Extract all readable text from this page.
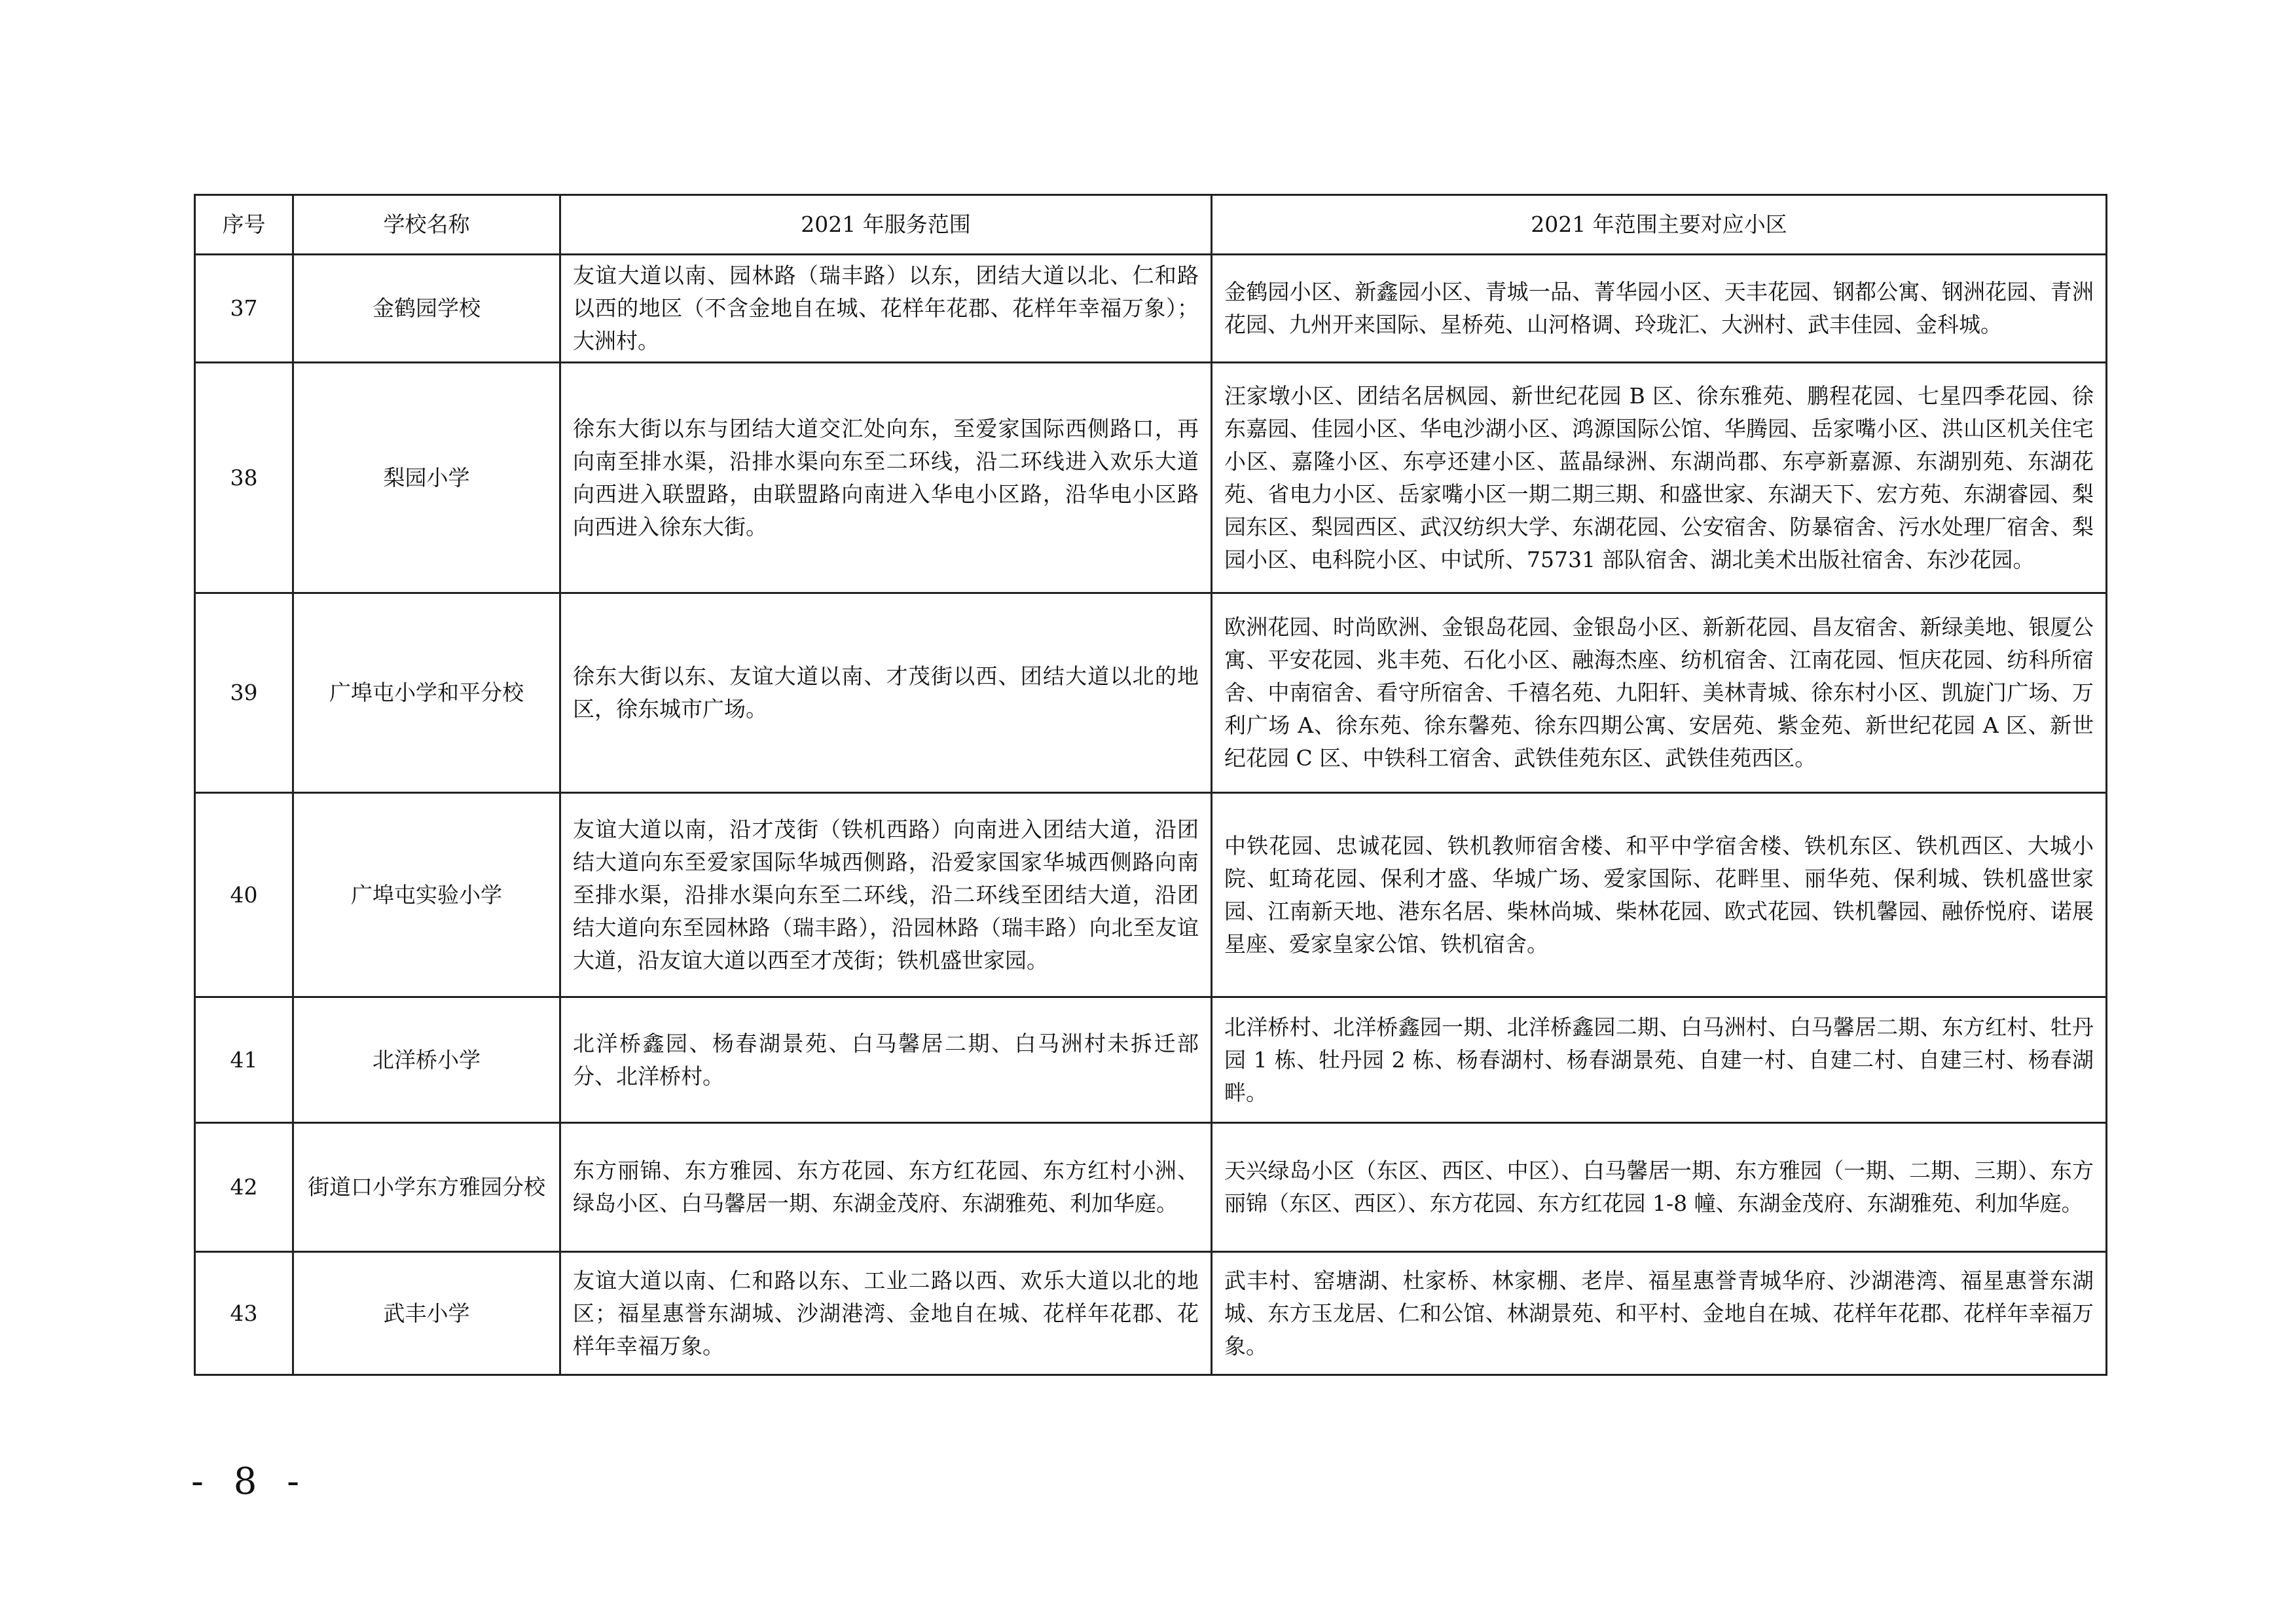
序号	学校名称	2021 年服务范围	2021 年范围主要对应小区
37	金鹤园学校	友谊大道以南、园林路（瑞丰路）以东，团结大道以北、仁和路以西的地区（不含金地自在城、花样年花郡、花样年幸福万象）；大洲村。	金鹤园小区、新鑫园小区、青城一品、菁华园小区、天丰花园、钢都公寓、钢洲花园、青洲花园、九州开来国际、星桥苑、山河格调、玲珑汇、大洲村、武丰佳园、金科城。
38	梨园小学	徐东大街以东与团结大道交汇处向东，至爱家国际西侧路口，再向南至排水渠，沿排水渠向东至二环线，沿二环线进入欢乐大道向西进入联盟路，由联盟路向南进入华电小区路，沿华电小区路向西进入徐东大街。	汪家墩小区、团结名居枫园、新世纪花园 B 区、徐东雅苑、鹏程花园、七星四季花园、徐东嘉园、佳园小区、华电沙湖小区、鸿源国际公馆、华腾园、岳家嘴小区、洪山区机关住宅小区、嘉隆小区、东亭还建小区、蓝晶绿洲、东湖尚郡、东亭新嘉源、东湖别苑、东湖花苑、省电力小区、岳家嘴小区一期二期三期、和盛世家、东湖天下、宏方苑、东湖睿园、梨园东区、梨园西区、武汉纺织大学、东湖花园、公安宿舍、防暴宿舍、污水处理厂宿舍、梨园小区、电科院小区、中试所、75731 部队宿舍、湖北美术出版社宿舍、东沙花园。
39	广埠屯小学和平分校	徐东大街以东、友谊大道以南、才茂街以西、团结大道以北的地区，徐东城市广场。	欧洲花园、时尚欧洲、金银岛花园、金银岛小区、新新花园、昌友宿舍、新绿美地、银厦公寓、平安花园、兆丰苑、石化小区、融海杰座、纺机宿舍、江南花园、恒庆花园、纺科所宿舍、中南宿舍、看守所宿舍、千禧名苑、九阳轩、美林青城、徐东村小区、凯旋门广场、万利广场 A、徐东苑、徐东馨苑、徐东四期公寓、安居苑、紫金苑、新世纪花园 A 区、新世纪花园 C 区、中铁科工宿舍、武铁佳苑东区、武铁佳苑西区。
40	广埠屯实验小学	友谊大道以南，沿才茂街（铁机西路）向南进入团结大道，沿团结大道向东至爱家国际华城西侧路，沿爱家国家华城西侧路向南至排水渠，沿排水渠向东至二环线，沿二环线至团结大道，沿团结大道向东至园林路（瑞丰路），沿园林路（瑞丰路）向北至友谊大道，沿友谊大道以西至才茂街；铁机盛世家园。	中铁花园、忠诚花园、铁机教师宿舍楼、和平中学宿舍楼、铁机东区、铁机西区、大城小院、虹琦花园、保利才盛、华城广场、爱家国际、花畔里、丽华苑、保利城、铁机盛世家园、江南新天地、港东名居、柴林尚城、柴林花园、欧式花园、铁机馨园、融侨悦府、诺展星座、爱家皇家公馆、铁机宿舍。
41	北洋桥小学	北洋桥鑫园、杨春湖景苑、白马馨居二期、白马洲村未拆迁部分、北洋桥村。	北洋桥村、北洋桥鑫园一期、北洋桥鑫园二期、白马洲村、白马馨居二期、东方红村、牡丹园 1 栋、牡丹园 2 栋、杨春湖村、杨春湖景苑、自建一村、自建二村、自建三村、杨春湖畔。
42	街道口小学东方雅园分校	东方丽锦、东方雅园、东方花园、东方红花园、东方红村小洲、绿岛小区、白马馨居一期、东湖金茂府、东湖雅苑、利加华庭。	天兴绿岛小区（东区、西区、中区）、白马馨居一期、东方雅园（一期、二期、三期）、东方丽锦（东区、西区）、东方花园、东方红花园 1-8 幢、东湖金茂府、东湖雅苑、利加华庭。
43	武丰小学	友谊大道以南、仁和路以东、工业二路以西、欢乐大道以北的地区；福星惠誉东湖城、沙湖港湾、金地自在城、花样年花郡、花样年幸福万象。	武丰村、窑塘湖、杜家桥、林家棚、老岸、福星惠誉青城华府、沙湖港湾、福星惠誉东湖城、东方玉龙居、仁和公馆、林湖景苑、和平村、金地自在城、花样年花郡、花样年幸福万象。
- 8 -
